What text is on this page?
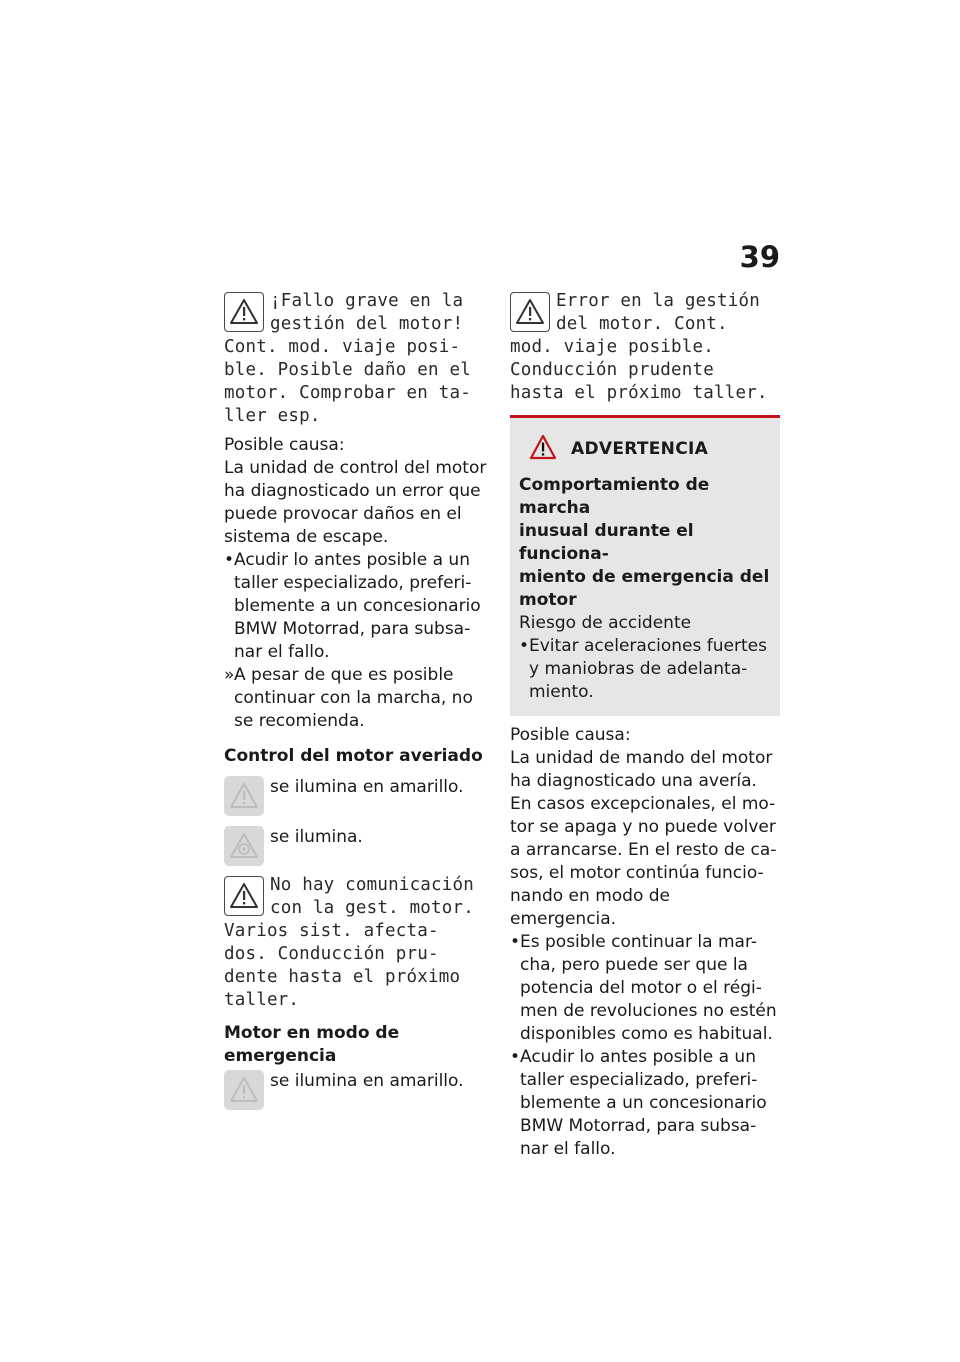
39
¡Fallo grave en la
gestión del motor!
Cont. mod. viaje posi-
ble. Posible daño en el
motor. Comprobar en ta-
ller esp.
Posible causa:
La unidad de control del motor
ha diagnosticado un error que
puede provocar daños en el
sistema de escape.
• Acudir lo antes posible a un
taller especializado, preferi-
blemente a un concesionario
BMW Motorrad, para subsa-
nar el fallo.
» A pesar de que es posible
continuar con la marcha, no
se recomienda.
Control del motor averiado
se ilumina en amarillo.
se ilumina.
No hay comunicación
con la gest. motor.
Varios sist. afecta-
dos. Conducción pru-
dente hasta el próximo
taller.
Motor en modo de
emergencia
se ilumina en amarillo.
Error en la gestión
del motor. Cont.
mod. viaje posible.
Conducción prudente
hasta el próximo taller.
ADVERTENCIA
Comportamiento de marcha
inusual durante el funciona-
miento de emergencia del
motor
Riesgo de accidente
• Evitar aceleraciones fuertes
y maniobras de adelanta-
miento.
Posible causa:
La unidad de mando del motor
ha diagnosticado una avería.
En casos excepcionales, el mo-
tor se apaga y no puede volver
a arrancarse. En el resto de ca-
sos, el motor continúa funcio-
nando en modo de emergencia.
• Es posible continuar la mar-
cha, pero puede ser que la
potencia del motor o el régi-
men de revoluciones no estén
disponibles como es habitual.
• Acudir lo antes posible a un
taller especializado, preferi-
blemente a un concesionario
BMW Motorrad, para subsa-
nar el fallo.
